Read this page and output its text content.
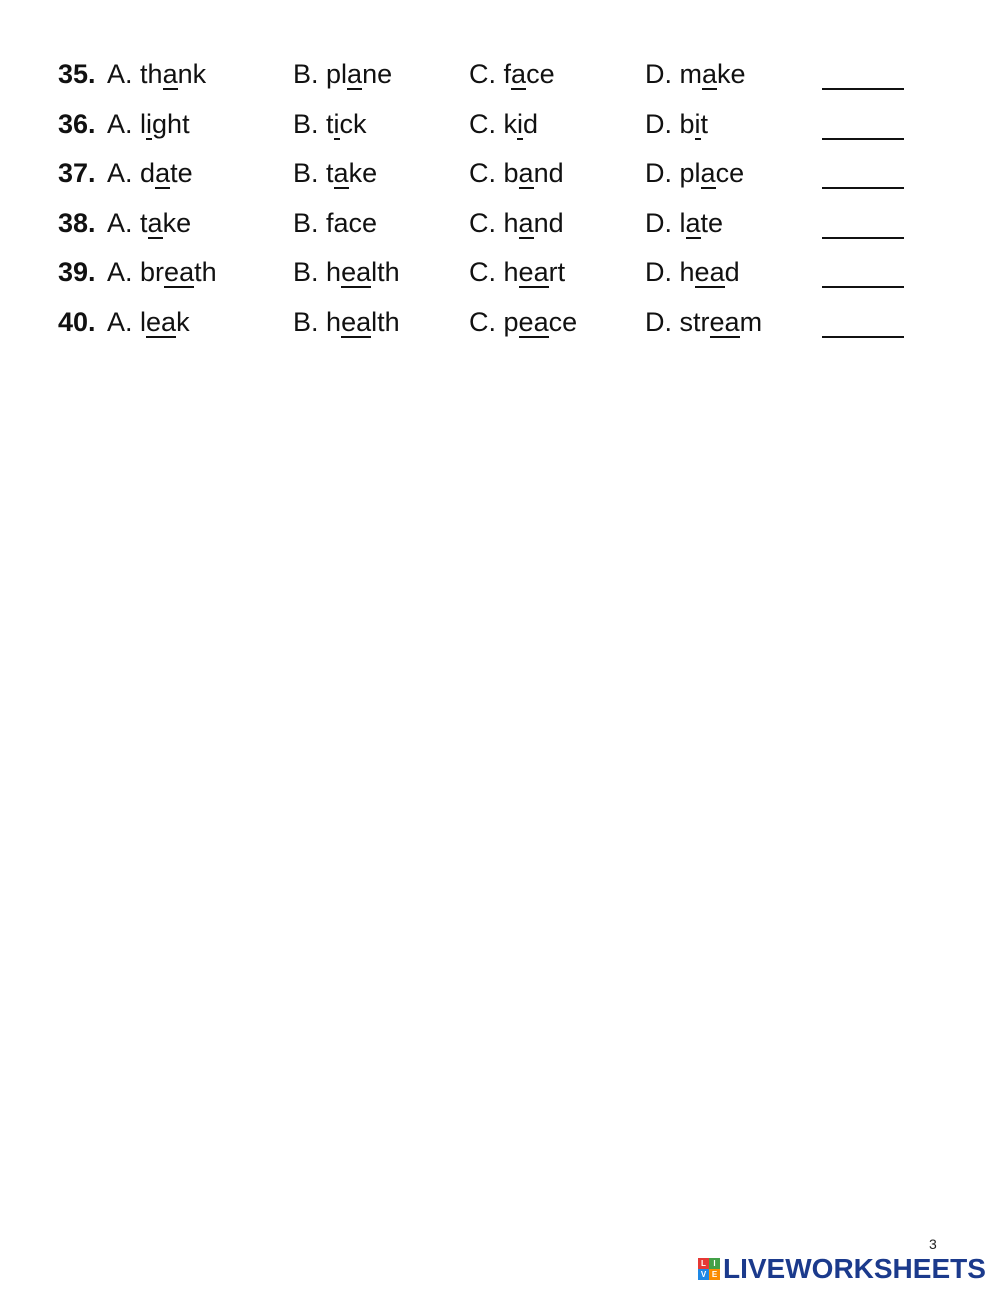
35. A. thank	B. plane	C. face	D. make
36. A. light	B. tick	C. kid	D. bit
37. A. date	B. take	C. band	D. place
38. A. take	B. face	C. hand	D. late
39. A. breath	B. health	C. heart	D. head
40. A. leak	B. health	C. peace	D. stream
3
L I
V E LIVEWORKSHEETS
